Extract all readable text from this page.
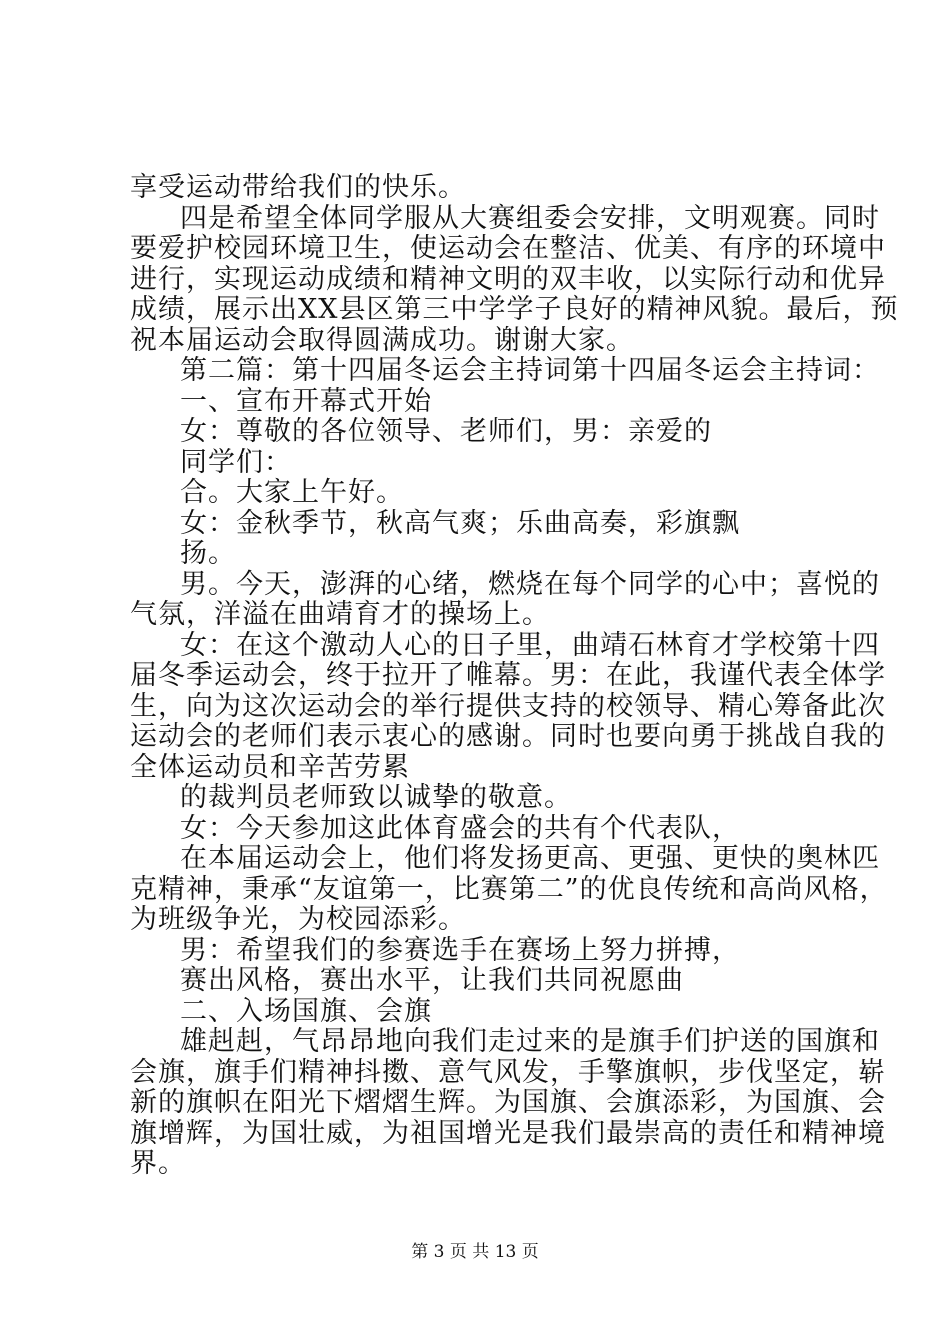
享受运动带给我们的快乐。
四是希望全体同学服从大赛组委会安排，文明观赛。同时
要爱护校园环境卫生，使运动会在整洁、优美、有序的环境中
进行，实现运动成绩和精神文明的双丰收，以实际行动和优异
成绩，展示出XX县区第三中学学子良好的精神风貌。最后，预
祝本届运动会取得圆满成功。谢谢大家。
第二篇：第十四届冬运会主持词第十四届冬运会主持词：
一、宣布开幕式开始
女：尊敬的各位领导、老师们，男：亲爱的
同学们：
合。大家上午好。
女：金秋季节，秋高气爽；乐曲高奏，彩旗飘
扬。
男。今天，澎湃的心绪，燃烧在每个同学的心中；喜悦的
气氛，洋溢在曲靖育才的操场上。
女：在这个激动人心的日子里，曲靖石林育才学校第十四
届冬季运动会，终于拉开了帷幕。男：在此，我谨代表全体学
生，向为这次运动会的举行提供支持的校领导、精心筹备此次
运动会的老师们表示衷心的感谢。同时也要向勇于挑战自我的
全体运动员和辛苦劳累
的裁判员老师致以诚挚的敬意。
女：今天参加这此体育盛会的共有个代表队，
在本届运动会上，他们将发扬更高、更强、更快的奥林匹
克精神，秉承“友谊第一，比赛第二”的优良传统和高尚风格，
为班级争光，为校园添彩。
男：希望我们的参赛选手在赛场上努力拼搏，
赛出风格，赛出水平，让我们共同祝愿曲
二、入场国旗、会旗
雄赳赳，气昂昂地向我们走过来的是旗手们护送的国旗和
会旗，旗手们精神抖擞、意气风发，手擎旗帜，步伐坚定，崭
新的旗帜在阳光下熠熠生辉。为国旗、会旗添彩，为国旗、会
旗增辉，为国壮威，为祖国增光是我们最崇高的责任和精神境
界。
第 3 页 共 13 页
